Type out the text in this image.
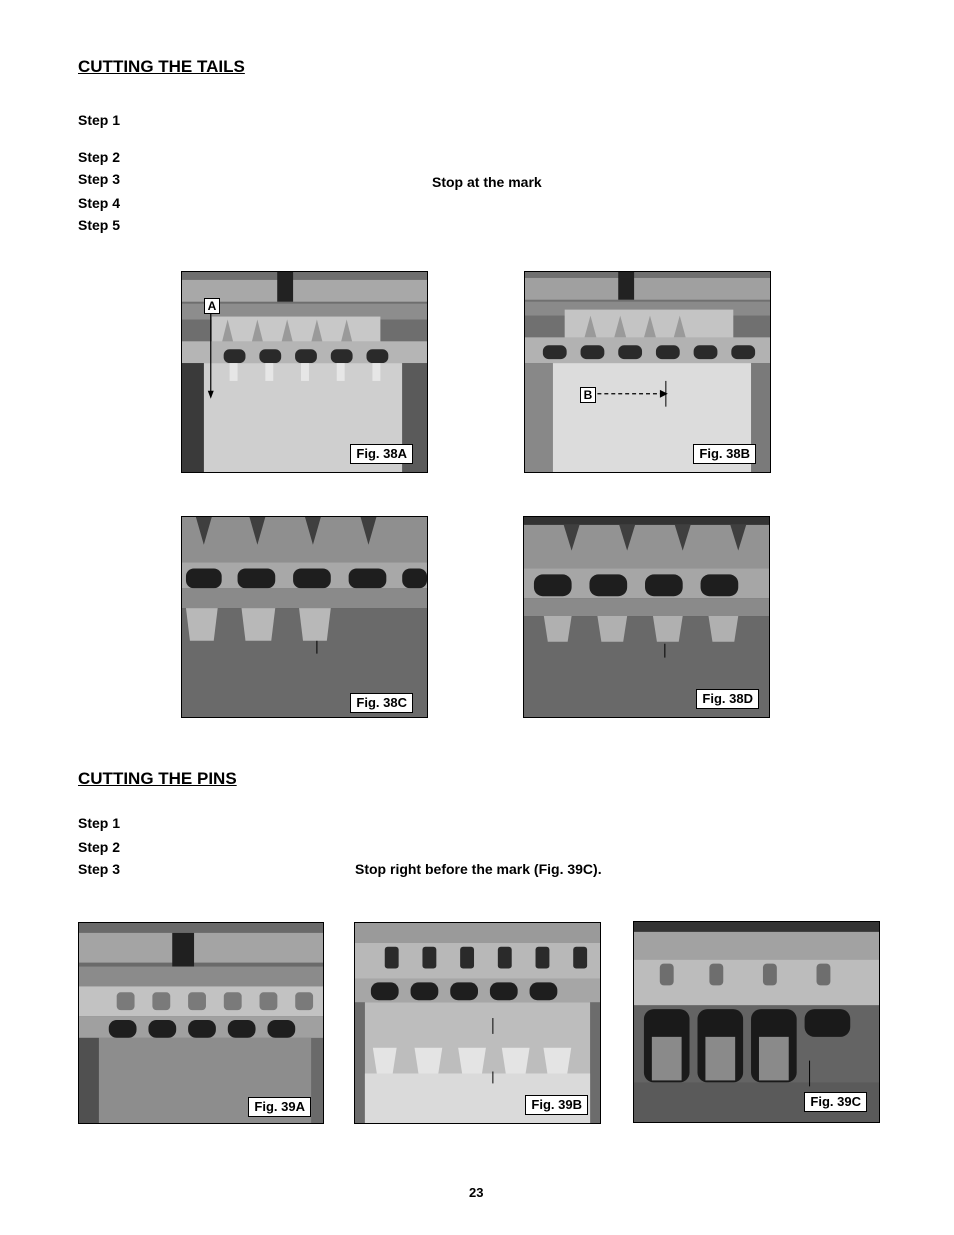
CUTTING THE TAILS
Step 1
Step 2
Step 3	Stop at the mark
Step 4
Step 5
A
Fig. 38A
B
Fig. 38B
Fig. 38C	Fig. 38D
CUTTING THE PINS
Step 1
Step 2
Step 3	Stop right before the mark (Fig. 39C).
Fig. 39A	Fig. 39B	Fig. 39C
23
